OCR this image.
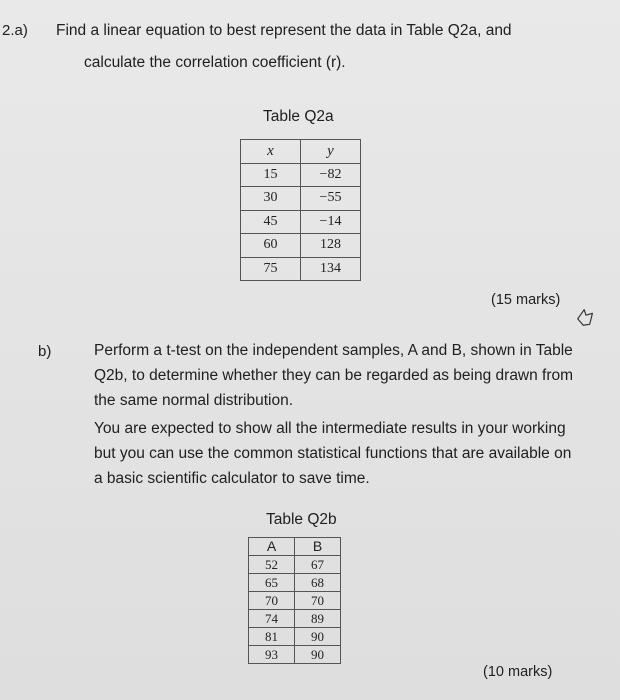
2.a) Find a linear equation to best represent the data in Table Q2a, and
calculate the correlation coefficient (r).
Table Q2a
x	y
15	−82
30	−55
45	−14
60	128
75	134
(15 marks)
b)	Perform a t-test on the independent samples, A and B, shown in Table
Q2b, to determine whether they can be regarded as being drawn from
the same normal distribution.
You are expected to show all the intermediate results in your working
but you can use the common statistical functions that are available on
a basic scientific calculator to save time.
Table Q2b
A	B
52	67
65	68
70	70
74	89
81	90
93	90
(10 marks)
